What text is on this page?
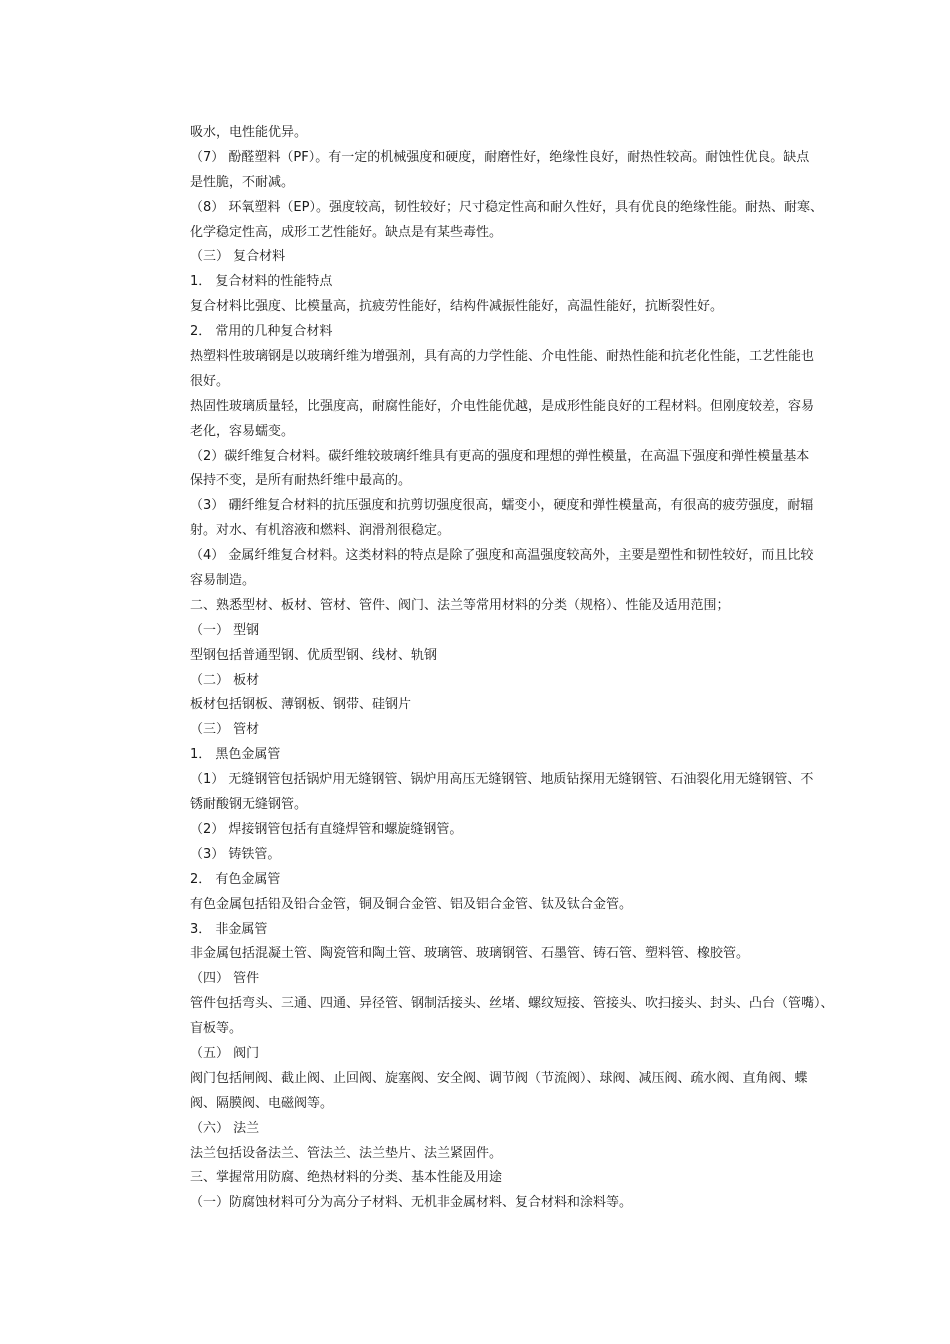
吸水，电性能优异。
（7） 酚醛塑料（PF）。有一定的机械强度和硬度，耐磨性好，绝缘性良好，耐热性较高。耐蚀性优良。缺点
是性脆，不耐减。
（8） 环氧塑料（EP）。强度较高，韧性较好；尺寸稳定性高和耐久性好，具有优良的绝缘性能。耐热、耐寒、
化学稳定性高，成形工艺性能好。缺点是有某些毒性。
（三） 复合材料
1． 复合材料的性能特点
复合材料比强度、比模量高，抗疲劳性能好，结构件减振性能好，高温性能好，抗断裂性好。
2． 常用的几种复合材料
热塑料性玻璃钢是以玻璃纤维为增强剂，具有高的力学性能、介电性能、耐热性能和抗老化性能，工艺性能也
很好。
热固性玻璃质量轻，比强度高，耐腐性能好，介电性能优越，是成形性能良好的工程材料。但刚度较差，容易
老化，容易蠕变。
（2）碳纤维复合材料。碳纤维较玻璃纤维具有更高的强度和理想的弹性模量，在高温下强度和弹性模量基本
保持不变，是所有耐热纤维中最高的。
（3） 硼纤维复合材料的抗压强度和抗剪切强度很高，蠕变小，硬度和弹性模量高，有很高的疲劳强度，耐辐
射。对水、有机溶液和燃料、润滑剂很稳定。
（4） 金属纤维复合材料。这类材料的特点是除了强度和高温强度较高外，主要是塑性和韧性较好，而且比较
容易制造。
二、熟悉型材、板材、管材、管件、阀门、法兰等常用材料的分类（规格）、性能及适用范围；
（一） 型钢
型钢包括普通型钢、优质型钢、线材、轨钢
（二） 板材
板材包括钢板、薄钢板、钢带、硅钢片
（三） 管材
1． 黑色金属管
（1） 无缝钢管包括锅炉用无缝钢管、锅炉用高压无缝钢管、地质钻探用无缝钢管、石油裂化用无缝钢管、不
锈耐酸钢无缝钢管。
（2） 焊接钢管包括有直缝焊管和螺旋缝钢管。
（3） 铸铁管。
2． 有色金属管
有色金属包括铅及铅合金管，铜及铜合金管、铝及铝合金管、钛及钛合金管。
3． 非金属管
非金属包括混凝土管、陶瓷管和陶土管、玻璃管、玻璃钢管、石墨管、铸石管、塑料管、橡胶管。
（四） 管件
管件包括弯头、三通、四通、异径管、钢制活接头、丝堵、螺纹短接、管接头、吹扫接头、封头、凸台（管嘴）、
盲板等。
（五） 阀门
阀门包括闸阀、截止阀、止回阀、旋塞阀、安全阀、调节阀（节流阀）、球阀、减压阀、疏水阀、直角阀、蝶
阀、隔膜阀、电磁阀等。
（六） 法兰
法兰包括设备法兰、管法兰、法兰垫片、法兰紧固件。
三、掌握常用防腐、绝热材料的分类、基本性能及用途
（一）防腐蚀材料可分为高分子材料、无机非金属材料、复合材料和涂料等。
